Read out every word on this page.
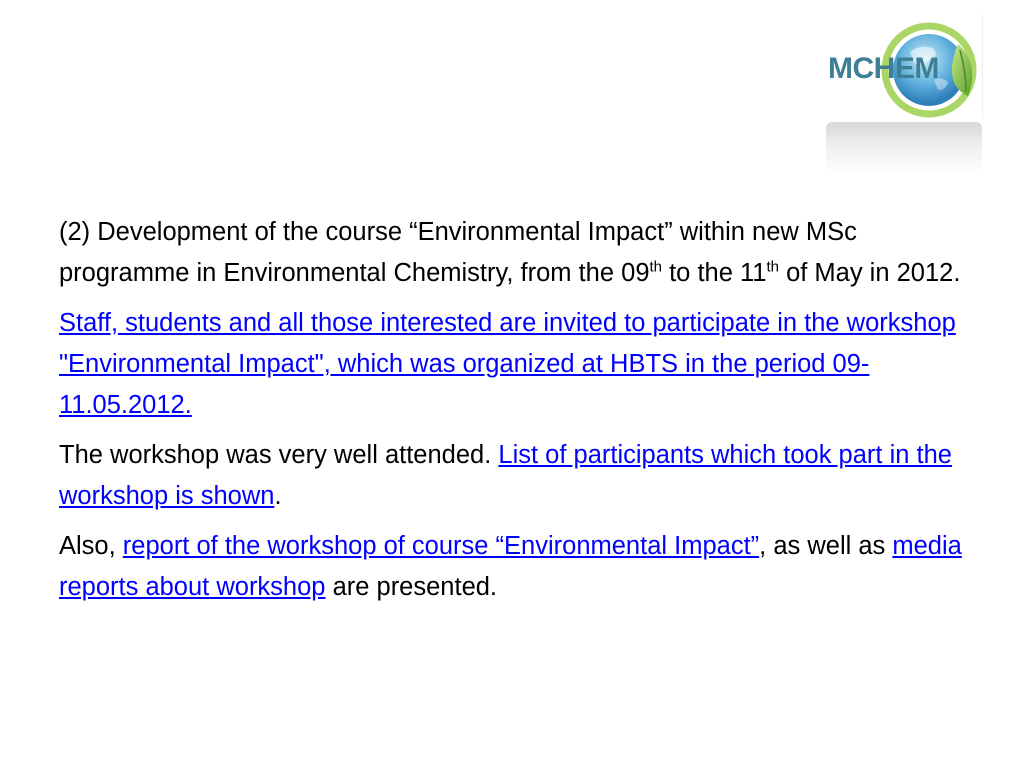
MCHEM

(2) Development of the course “Environmental Impact” within new MSc programme in Environmental Chemistry, from the 09th to the 11th of May in 2012.

Staff, students and all those interested are invited to participate in the workshop "Environmental Impact", which was organized at HBTS in the period 09-11.05.2012.

The workshop was very well attended. List of participants which took part in the workshop is shown.

Also, report of the workshop of course “Environmental Impact”, as well as media reports about workshop are presented.
